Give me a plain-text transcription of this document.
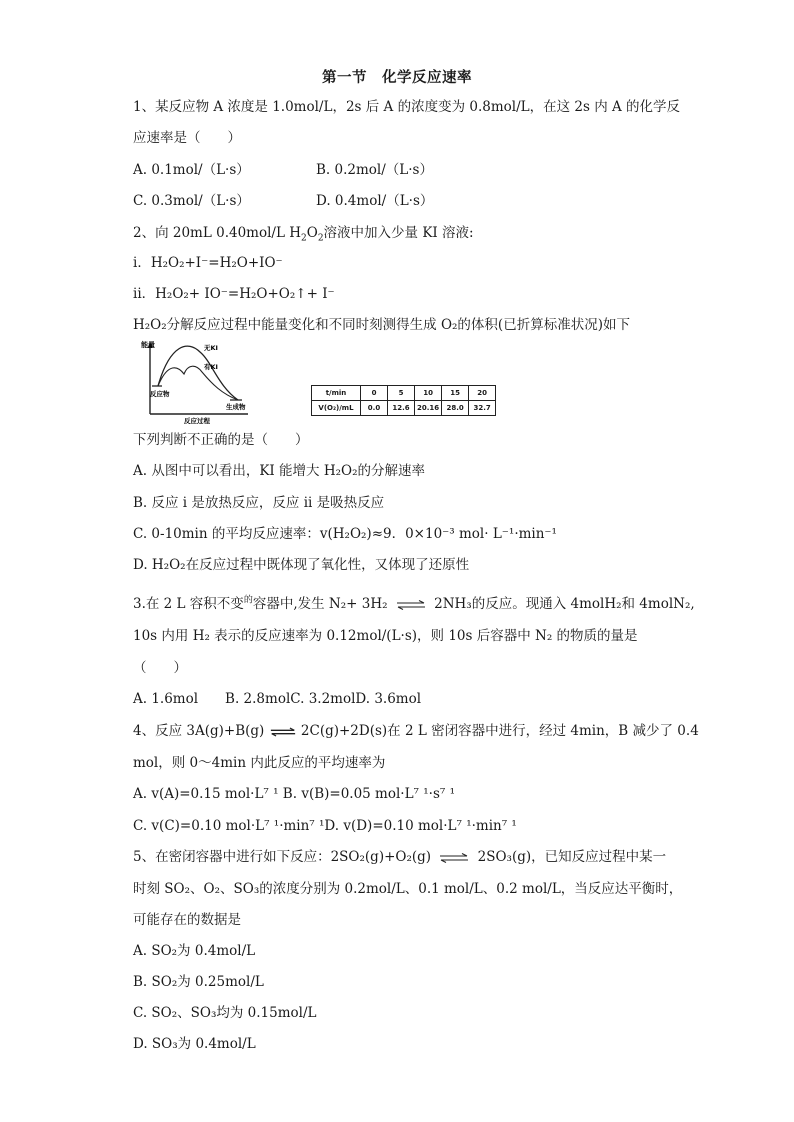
第一节　化学反应速率
1、某反应物 A 浓度是 1.0mol/L，2s 后 A 的浓度变为 0.8mol/L，在这 2s 内 A 的化学反
应速率是（　　）
A. 0.1mol/（L·s）	B. 0.2mol/（L·s）
C. 0.3mol/（L·s）	D. 0.4mol/（L·s）
2、向 20mL 0.40mol/L $H_2O_2$溶液中加入少量 KI 溶液:
i．H₂O₂+I⁻=H₂O+IO⁻
ii．H₂O₂+ IO⁻=H₂O+O₂↑+ I⁻
H₂O₂分解反应过程中能量变化和不同时刻测得生成 O₂的体积(已折算标准状况)如下
能量	无KI
有KI
反应物
生成物
反应过程
t/min	0	5	10	15	20
V(O₂)/mL	0.0	12.6	20.16	28.0	32.7
下列判断不正确的是（　　）
A. 从图中可以看出，KI 能增大 H₂O₂的分解速率
B. 反应 i 是放热反应，反应 ii 是吸热反应
C. 0-10min 的平均反应速率：v(H₂O₂)≈9．0×10⁻³ mol· L⁻¹·min⁻¹
D. H₂O₂在反应过程中既体现了氧化性，又体现了还原性
3.在 2 L 容积不变$^的$容器中,发生 N₂+ 3H₂ ⇌ 2NH₃的反应。现通入 4molH₂和 4molN₂,
10s 内用 H₂ 表示的反应速率为 0.12mol/(L·s)，则 10s 后容器中 N₂ 的物质的量是
（　　）
A. 1.6mol　　B. 2.8molC. 3.2molD. 3.6mol
4、反应 3A(g)+B(g) ⇌ 2C(g)+2D(s)在 2 L 密闭容器中进行，经过 4min，B 减少了 0.4
mol，则 0～4min 内此反应的平均速率为
A. v(A)=0.15 mol·L⁷ ¹ B. v(B)=0.05 mol·L⁷ ¹·s⁷ ¹
C. v(C)=0.10 mol·L⁷ ¹·min⁷ ¹D. v(D)=0.10 mol·L⁷ ¹·min⁷ ¹
5、在密闭容器中进行如下反应：2SO₂(g)+O₂(g) ⇌ 2SO₃(g)，已知反应过程中某一
时刻 SO₂、O₂、SO₃的浓度分别为 0.2mol/L、0.1 mol/L、0.2 mol/L，当反应达平衡时，
可能存在的数据是
A. SO₂为 0.4mol/L
B. SO₂为 0.25mol/L
C. SO₂、SO₃均为 0.15mol/L
D. SO₃为 0.4mol/L
